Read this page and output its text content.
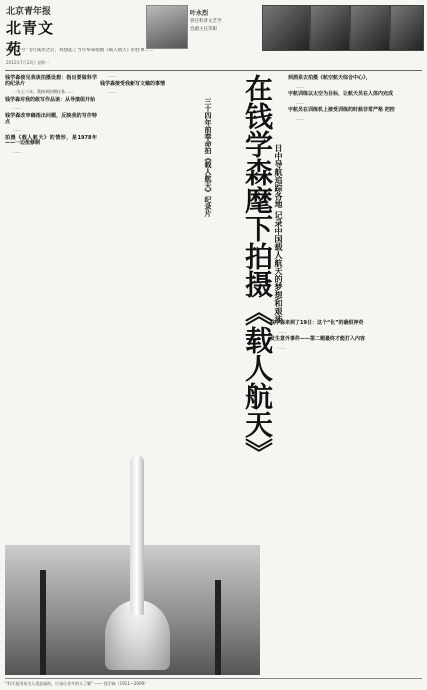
北京青年报
北青文苑
2012年7月23日 星期一
叶永烈
曾任科普文艺学
会副主任等职
“神舟十号”飞行成功之后，我想起了当年奉命拍摄《载人航天》的往事……
钱学森接见我谈拍摄设想：指出要做科学的纪录片

一九七八年，我接到拍摄任务……

钱学森对我的敢写作品谈：从导演组开始

……

钱学森改审稿指出问题，反映我的写作特点

……

拍摄《载人航天》的情形，是1978年——一边抢修制

……

……

钱学森接受我新写文稿的事情

……

三十四年前奉命拍《载人航天》纪录片	在钱学森麾下拍摄《载人航天》 日中导航追踪各地 记录中国载人航天的梦想和艰涉
到酒泉去拍摄《航空航天综合中心》，

……

宇航训练以太空为目标，让航天员在人体内完成

……

宇航员在训练机上接受训练的时候非常严格 把控

……

钱学森来到了19日：这个“化”的确很神奇

……

发生意外事件——第二题最终才能打入内容

……

“科学是用来为人类造福的，应该让更多的人了解” —— 钱学森（1911—2009）
